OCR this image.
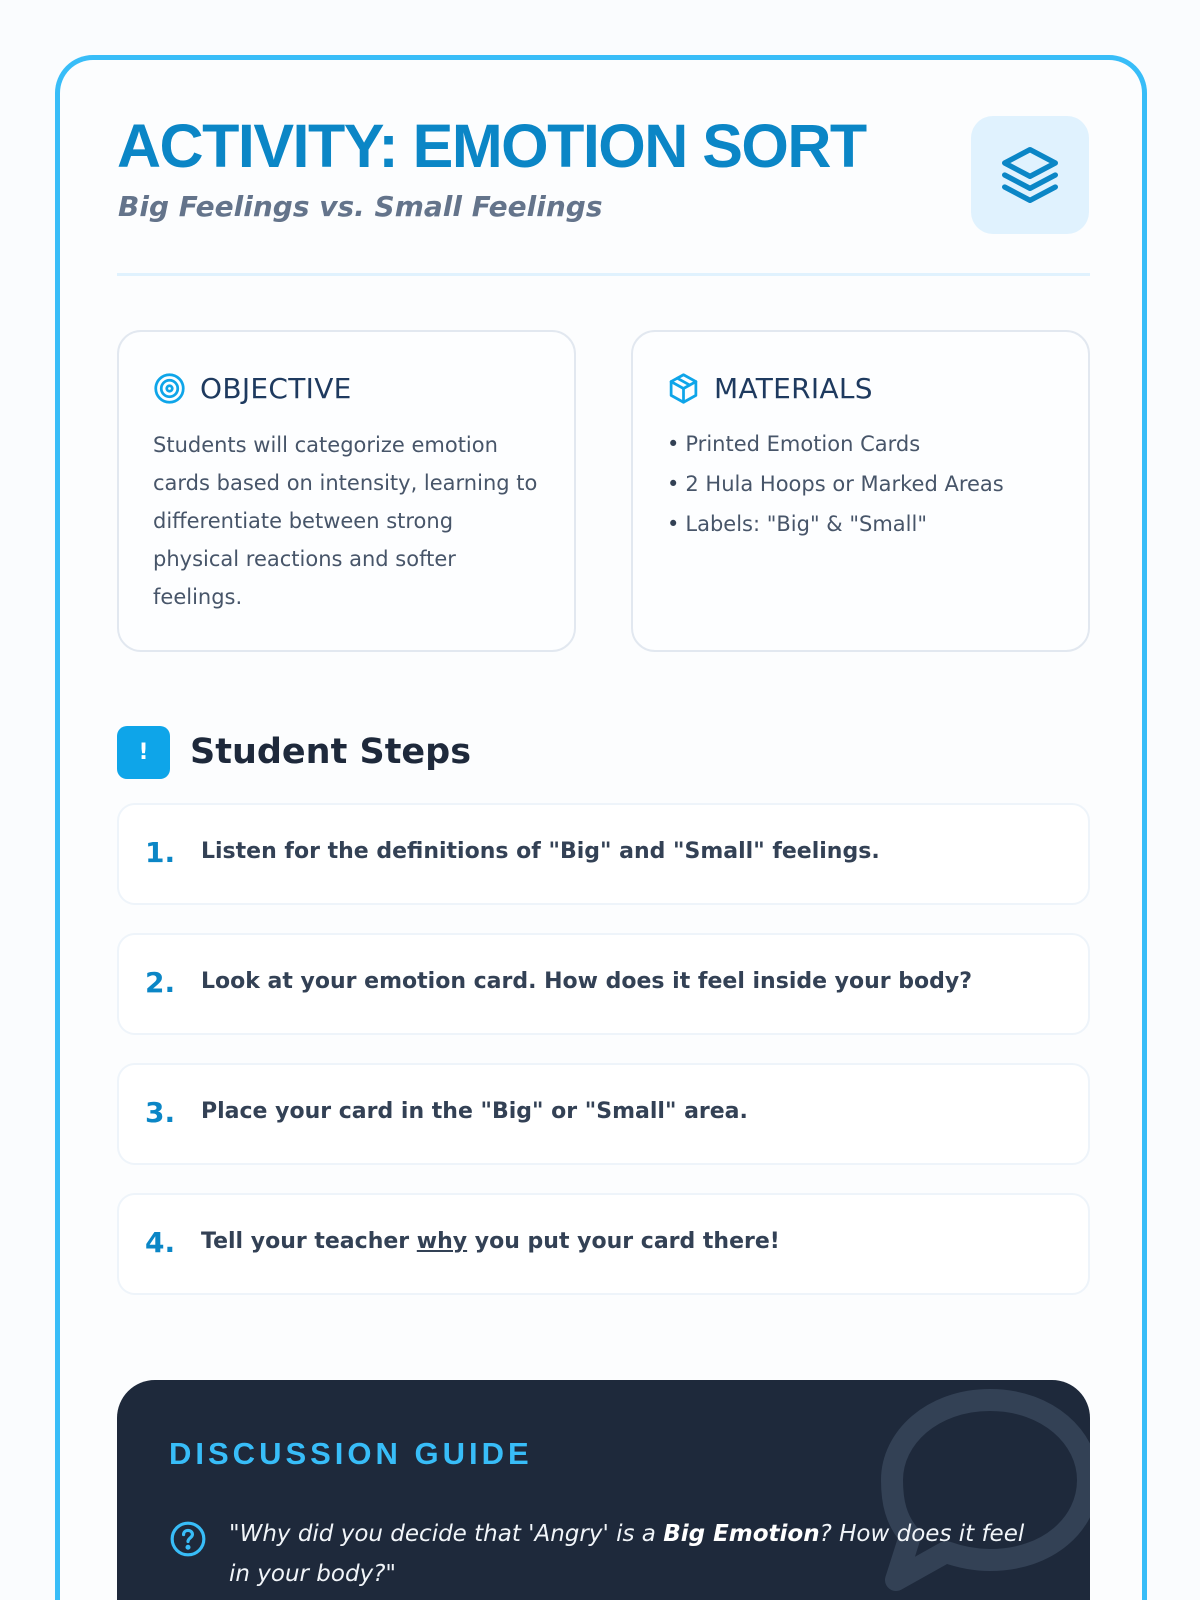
ACTIVITY: EMOTION SORT
Big Feelings vs. Small Feelings
OBJECTIVE

Students will categorize emotion cards based on intensity, learning to differentiate between strong physical reactions and softer feelings.

MATERIALS
• Printed Emotion Cards
• 2 Hula Hoops or Marked Areas
• Labels: "Big" & "Small"
!	Student Steps
1. Listen for the definitions of "Big" and "Small" feelings.
2. Look at your emotion card. How does it feel inside your body?
3. Place your card in the "Big" or "Small" area.
4. Tell your teacher why you put your card there!
DISCUSSION GUIDE

"Why did you decide that 'Angry' is a Big Emotion? How does it feel in your body?"
